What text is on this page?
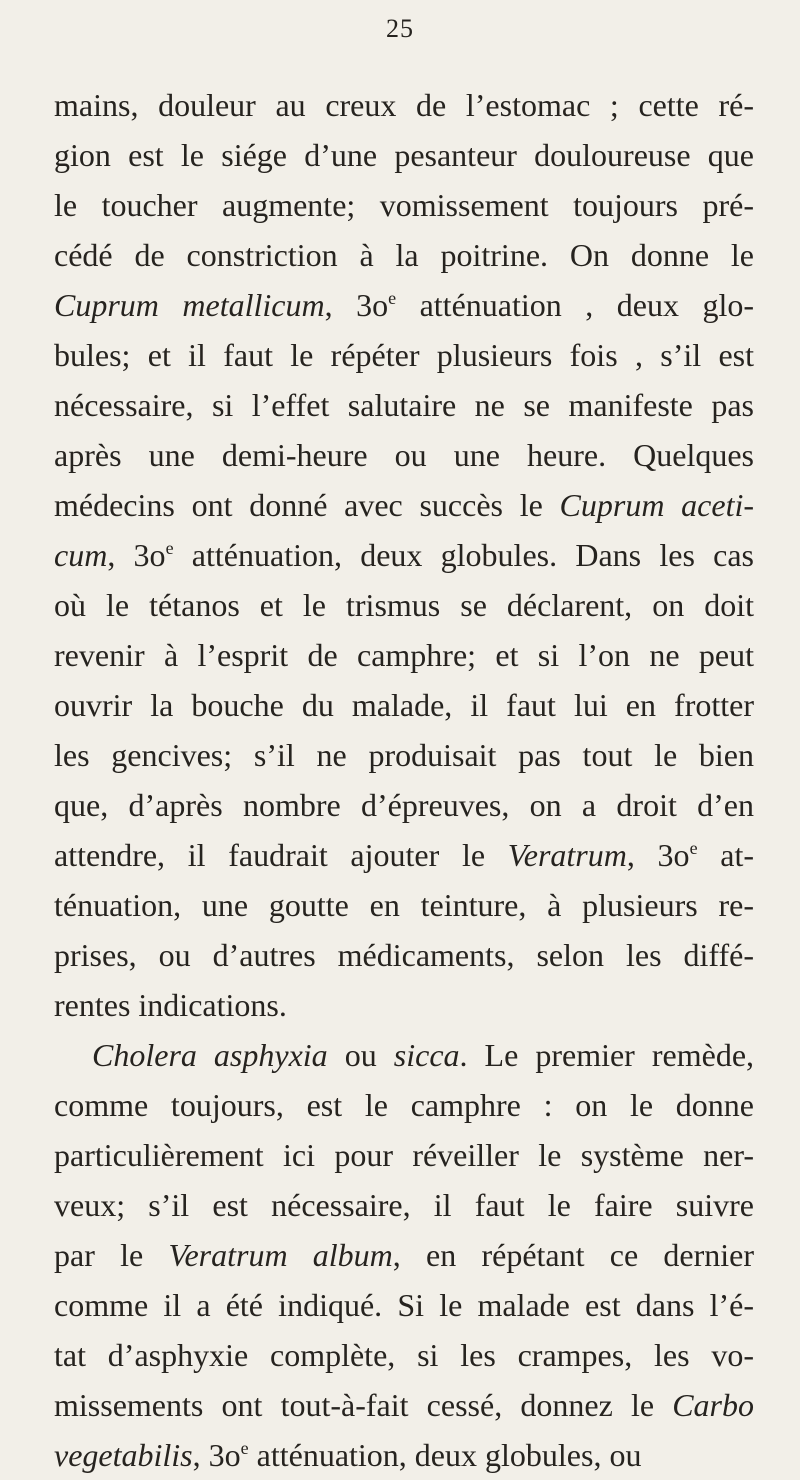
25
mains, douleur au creux de l’estomac ; cette ré-
gion est le siége d’une pesanteur douloureuse que
le toucher augmente; vomissement toujours pré-
cédé de constriction à la poitrine. On donne le
Cuprum metallicum, $3o^e$ atténuation , deux glo-
bules; et il faut le répéter plusieurs fois , s’il est
nécessaire, si l’effet salutaire ne se manifeste pas
après une demi-heure ou une heure. Quelques
médecins ont donné avec succès le Cuprum aceti-
cum, $3o^e$ atténuation, deux globules. Dans les cas
où le tétanos et le trismus se déclarent, on doit
revenir à l’esprit de camphre; et si l’on ne peut
ouvrir la bouche du malade, il faut lui en frotter
les gencives; s’il ne produisait pas tout le bien
que, d’après nombre d’épreuves, on a droit d’en
attendre, il faudrait ajouter le Veratrum, $3o^e$ at-
ténuation, une goutte en teinture, à plusieurs re-
prises, ou d’autres médicaments, selon les diffé-
rentes indications.
Cholera asphyxia ou sicca. Le premier remède,
comme toujours, est le camphre : on le donne
particulièrement ici pour réveiller le système ner-
veux; s’il est nécessaire, il faut le faire suivre
par le Veratrum album, en répétant ce dernier
comme il a été indiqué. Si le malade est dans l’é-
tat d’asphyxie complète, si les crampes, les vo-
missements ont tout-à-fait cessé, donnez le Carbo
vegetabilis, $3o^e$ atténuation, deux globules, ou
